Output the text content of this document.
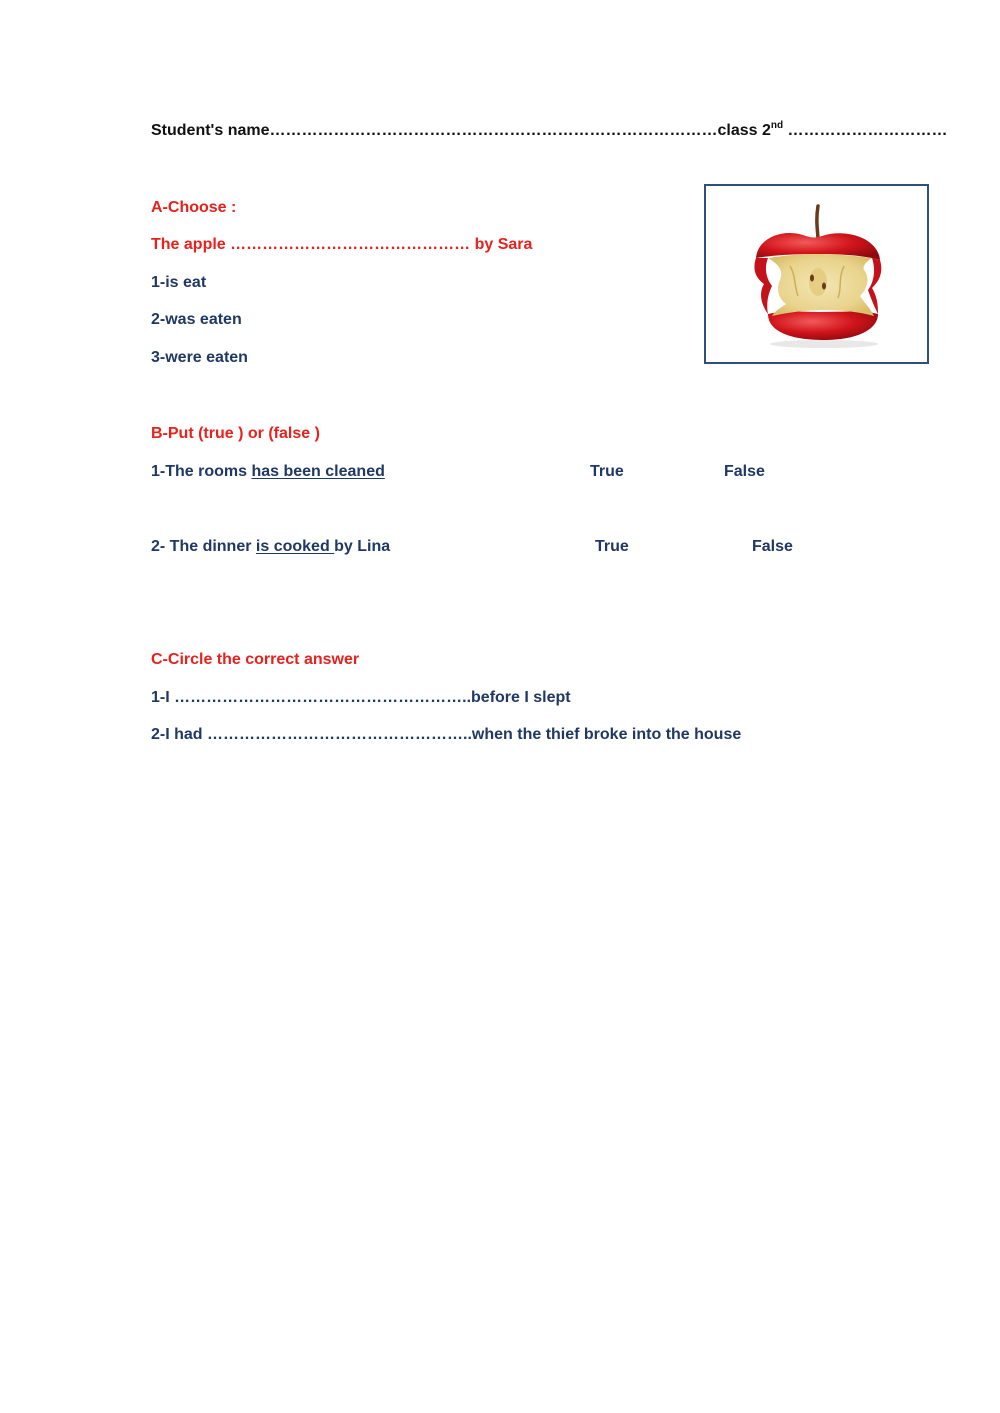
Student's name…………………………………………………………………………class 2nd …………………………
A-Choose :
The apple ……………………………………… by Sara
1-is eat
2-was eaten
3-were eaten
B-Put (true ) or (false )
1-The rooms has been cleaned	True	False
2- The dinner is cooked by Lina	True	False
C-Circle the correct answer
1-I ………………………………………………..before I slept
2-I had …………………………………………..when the thief broke into the house
